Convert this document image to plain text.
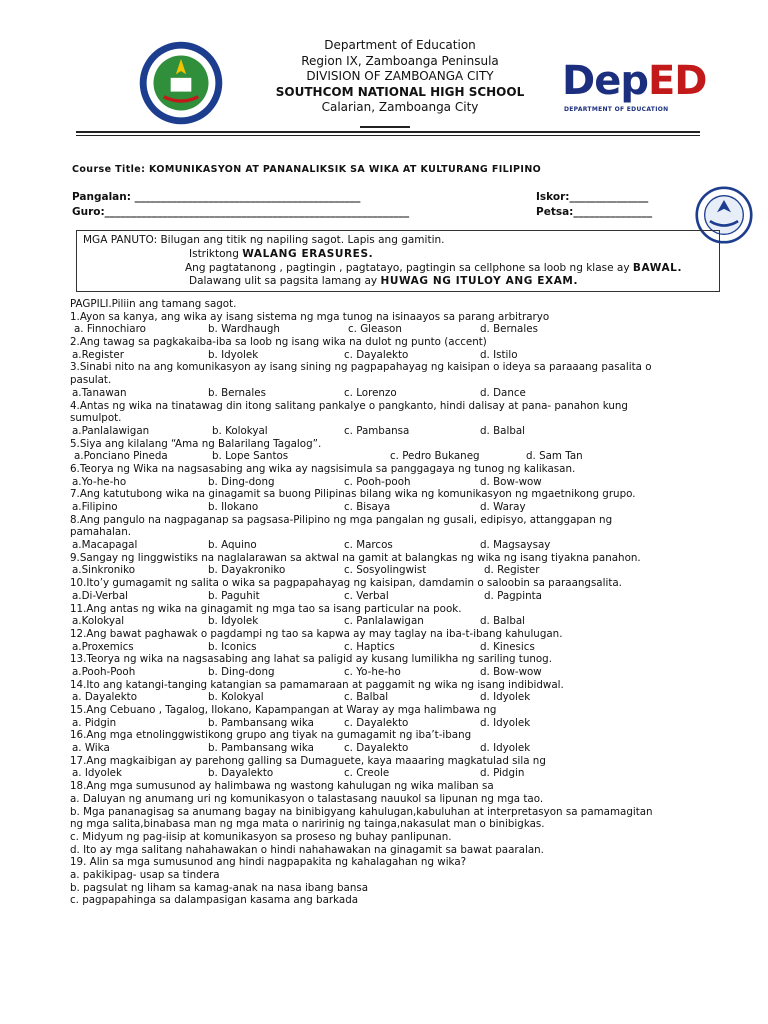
Department of Education
Region IX, Zamboanga Peninsula
DIVISION OF ZAMBOANGA CITY
SOUTHCOM NATIONAL HIGH SCHOOL
Calarian, Zamboanga City
DepED
DEPARTMENT OF EDUCATION
Course Title: KOMUNIKASYON AT PANANALIKSIK SA WIKA AT KULTURANG FILIPINO
Pangalan: ___________________________________________	Iskor:_______________
Guro:__________________________________________________________	Petsa:_______________
MGA PANUTO: Bilugan ang titik ng napiling sagot. Lapis ang gamitin.
Istriktong WALANG ERASURES.
Ang pagtatanong , pagtingin , pagtatayo, pagtingin sa cellphone sa loob ng klase ay BAWAL.
Dalawang ulit sa pagsita lamang ay HUWAG NG ITULOY ANG EXAM.
PAGPILI.Piliin ang tamang sagot.
1.Ayon sa kanya, ang wika ay isang sistema ng mga tunog na isinaayos sa parang arbitraryo
a. Finnochiaro	b. Wardhaugh	c. Gleason	d. Bernales
2.Ang tawag sa pagkakaiba-iba sa loob ng isang wika na dulot ng punto (accent)
a.Register	b. Idyolek	c. Dayalekto	d. Istilo
3.Sinabi nito na ang komunikasyon ay isang sining ng pagpapahayag ng kaisipan o ideya sa paraaang pasalita o
pasulat.
a.Tanawan	b. Bernales	c. Lorenzo	d. Dance
4.Antas ng wika na tinatawag din itong salitang pankalye o pangkanto, hindi dalisay at pana- panahon kung
sumulpot.
a.Panlalawigan	b. Kolokyal	c. Pambansa	d. Balbal
5.Siya ang kilalang “Ama ng Balarilang Tagalog”.
a.Ponciano Pineda	b. Lope Santos	c. Pedro Bukaneg	d. Sam Tan
6.Teorya ng Wika na nagsasabing ang wika ay nagsisimula sa panggagaya ng tunog ng kalikasan.
a.Yo-he-ho	b. Ding-dong	c. Pooh-pooh	d. Bow-wow
7.Ang katutubong wika na ginagamit sa buong Pilipinas bilang wika ng komunikasyon ng mgaetnikong grupo.
a.Filipino	b. Ilokano	c. Bisaya	d. Waray
8.Ang pangulo na nagpaganap sa pagsasa-Pilipino ng mga pangalan ng gusali, edipisyo, attanggapan ng
pamahalan.
a.Macapagal	b. Aquino	c. Marcos	d. Magsaysay
9.Sangay ng linggwistiks na naglalarawan sa aktwal na gamit at balangkas ng wika ng isang tiyakna panahon.
a.Sinkroniko	b. Dayakroniko	c. Sosyolingwist	d. Register
10.Ito’y gumagamit ng salita o wika sa pagpapahayag ng kaisipan, damdamin o saloobin sa paraangsalita.
a.Di-Verbal	b. Paguhit	c. Verbal	d. Pagpinta
11.Ang antas ng wika na ginagamit ng mga tao sa isang particular na pook.
a.Kolokyal	b. Idyolek	c. Panlalawigan	d. Balbal
12.Ang bawat paghawak o pagdampi ng tao sa kapwa ay may taglay na iba-t-ibang kahulugan.
a.Proxemics	b. Iconics	c. Haptics	d. Kinesics
13.Teorya ng wika na nagsasabing ang lahat sa paligid ay kusang lumilikha ng sariling tunog.
a.Pooh-Pooh	b. Ding-dong	c. Yo-he-ho	d. Bow-wow
14.Ito ang katangi-tanging katangian sa pamamaraan at paggamit ng wika ng isang indibidwal.
a. Dayalekto	b. Kolokyal	c. Balbal	d. Idyolek
15.Ang Cebuano , Tagalog, Ilokano, Kapampangan at Waray ay mga halimbawa ng
a. Pidgin	b. Pambansang wika	c. Dayalekto	d. Idyolek
16.Ang mga etnolinggwistikong grupo ang tiyak na gumagamit ng iba’t-ibang
a. Wika	b. Pambansang wika	c. Dayalekto	d. Idyolek
17.Ang magkaibigan ay parehong galling sa Dumaguete, kaya maaaring magkatulad sila ng
a. Idyolek	b. Dayalekto	c. Creole	d. Pidgin
18.Ang mga sumusunod ay halimbawa ng wastong kahulugan ng wika maliban sa
a. Daluyan ng anumang uri ng komunikasyon o talastasang nauukol sa lipunan ng mga tao.
b. Mga pananagisag sa anumang bagay na binibigyang kahulugan,kabuluhan at interpretasyon sa pamamagitan
ng mga salita,binabasa man ng mga mata o naririnig ng tainga,nakasulat man o binibigkas.
c. Midyum ng pag-iisip at komunikasyon sa proseso ng buhay panlipunan.
d. Ito ay mga salitang nahahawakan o hindi nahahawakan na ginagamit sa bawat paaralan.
19. Alin sa mga sumusunod ang hindi nagpapakita ng kahalagahan ng wika?
a. pakikipag- usap sa tindera
b. pagsulat ng liham sa kamag-anak na nasa ibang bansa
c. pagpapahinga sa dalampasigan kasama ang barkada
